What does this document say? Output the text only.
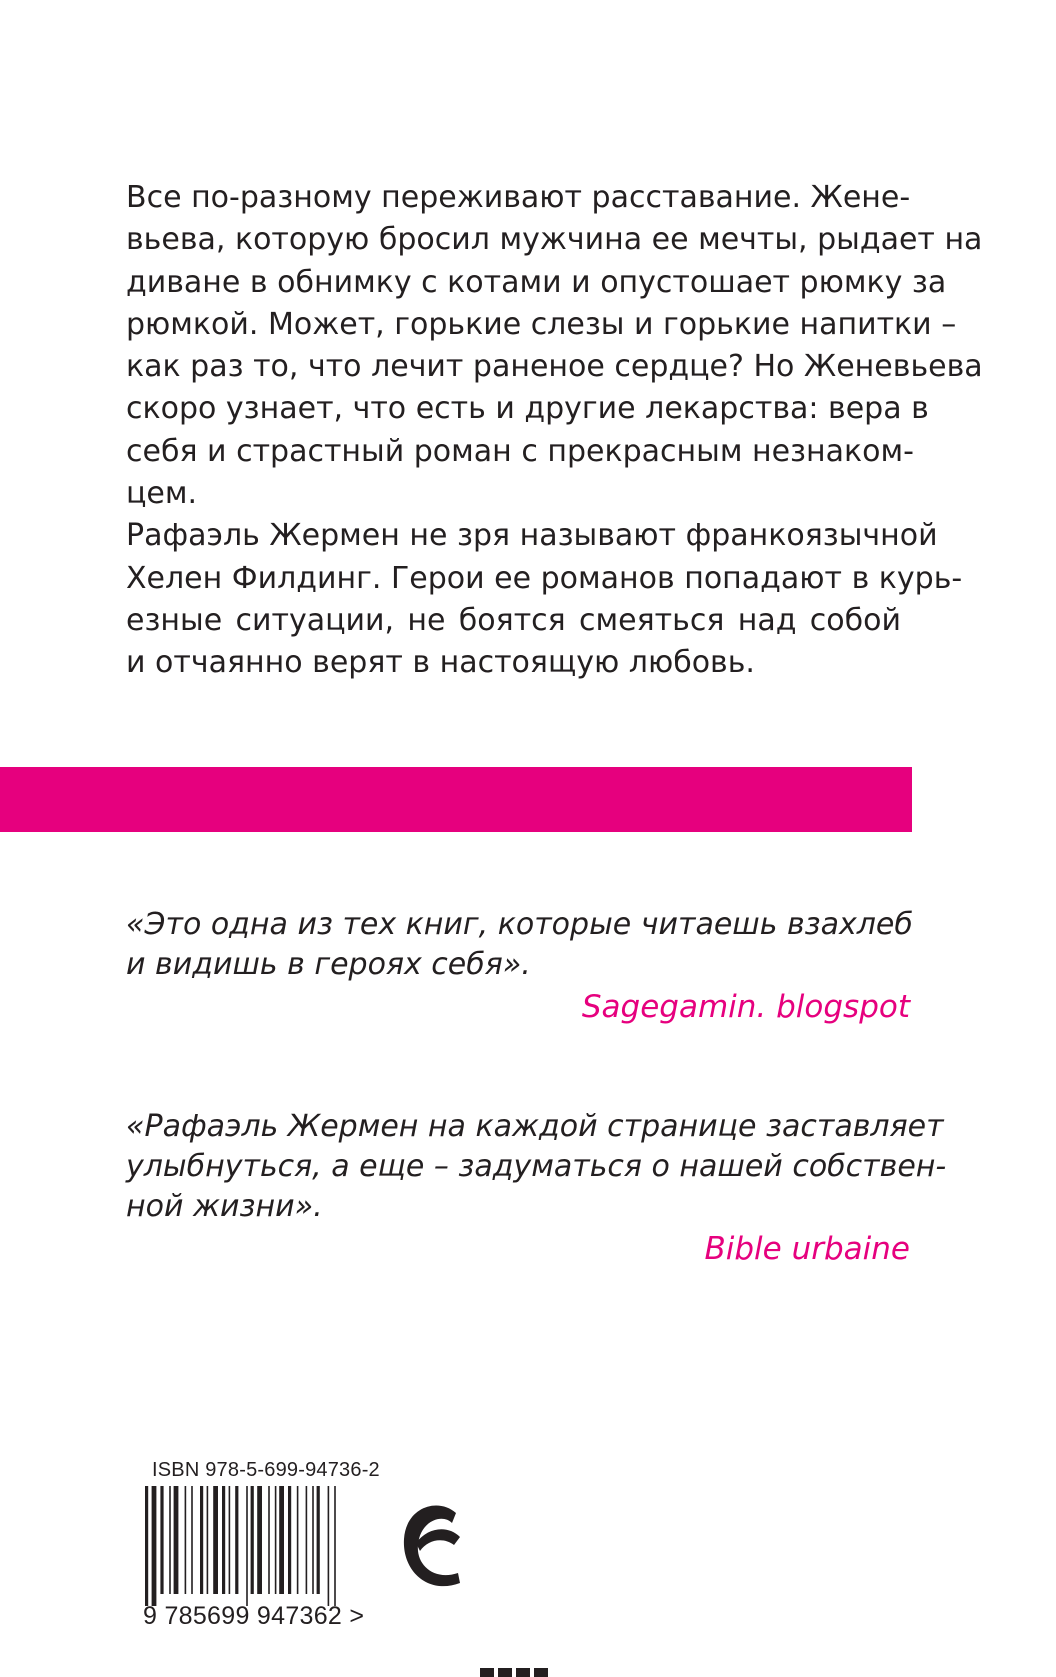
Все по-разному переживают расставание. Жене-
вьева, которую бросил мужчина ее мечты, рыдает на
диване в обнимку с котами и опустошает рюмку за
рюмкой. Может, горькие слезы и горькие напитки –
как раз то, что лечит раненое сердце? Но Женевьева
скоро узнает, что есть и другие лекарства: вера в
себя и страстный роман с прекрасным незнаком-
цем.

Рафаэль Жермен не зря называют франкоязычной
Хелен Филдинг. Герои ее романов попадают в курь-
езные ситуации, не боятся смеяться над собой
и отчаянно верят в настоящую любовь.

«Это одна из тех книг, которые читаешь взахлеб
и видишь в героях себя».
Sagegamin. blogspot
«Рафаэль Жермен на каждой странице заставляет
улыбнуться, а еще – задуматься о нашей собствен-
ной жизни».
Bible urbaine
ISBN 978-5-699-94736-2
9 785699 947362 >
